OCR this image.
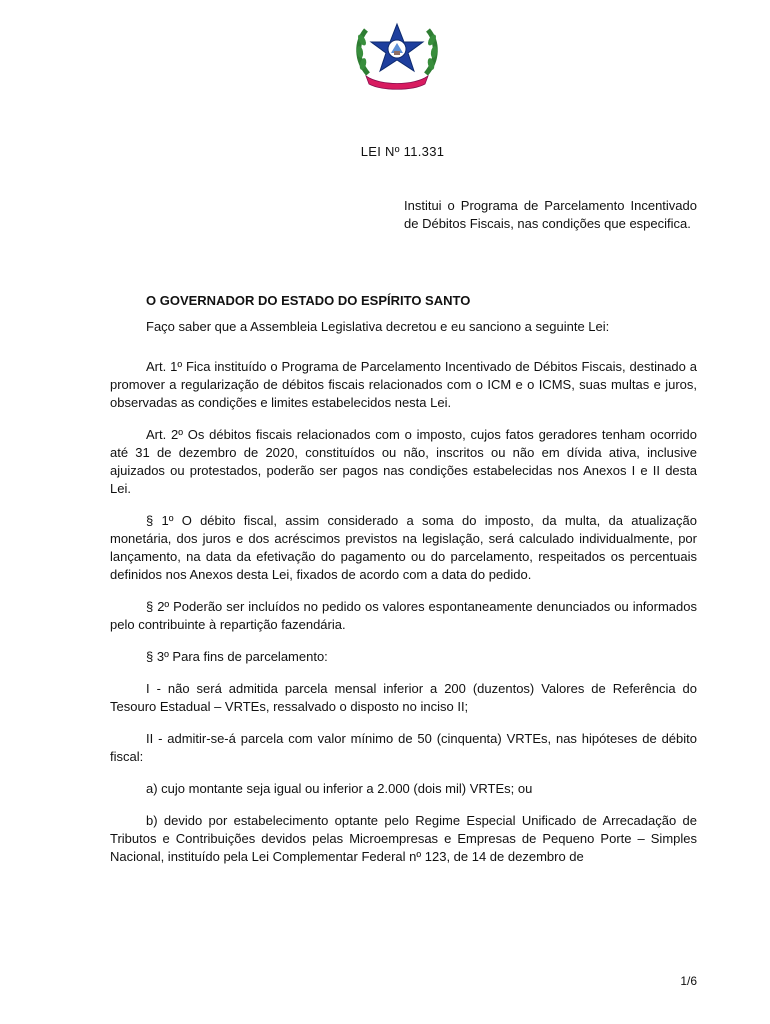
LEI Nº 11.331
Institui o Programa de Parcelamento Incentivado de Débitos Fiscais, nas condições que especifica.

O GOVERNADOR DO ESTADO DO ESPÍRITO SANTO

Faço saber que a Assembleia Legislativa decretou e eu sanciono a seguinte Lei:

Art. 1º Fica instituído o Programa de Parcelamento Incentivado de Débitos Fiscais, destinado a promover a regularização de débitos fiscais relacionados com o ICM e o ICMS, suas multas e juros, observadas as condições e limites estabelecidos nesta Lei.

Art. 2º Os débitos fiscais relacionados com o imposto, cujos fatos geradores tenham ocorrido até 31 de dezembro de 2020, constituídos ou não, inscritos ou não em dívida ativa, inclusive ajuizados ou protestados, poderão ser pagos nas condições estabelecidas nos Anexos I e II desta Lei.

§ 1º O débito fiscal, assim considerado a soma do imposto, da multa, da atualização monetária, dos juros e dos acréscimos previstos na legislação, será calculado individualmente, por lançamento, na data da efetivação do pagamento ou do parcelamento, respeitados os percentuais definidos nos Anexos desta Lei, fixados de acordo com a data do pedido.

§ 2º Poderão ser incluídos no pedido os valores espontaneamente denunciados ou informados pelo contribuinte à repartição fazendária.

§ 3º Para fins de parcelamento:

I - não será admitida parcela mensal inferior a 200 (duzentos) Valores de Referência do Tesouro Estadual – VRTEs, ressalvado o disposto no inciso II;

II - admitir-se-á parcela com valor mínimo de 50 (cinquenta) VRTEs, nas hipóteses de débito fiscal:

a) cujo montante seja igual ou inferior a 2.000 (dois mil) VRTEs; ou

b) devido por estabelecimento optante pelo Regime Especial Unificado de Arrecadação de Tributos e Contribuições devidos pelas Microempresas e Empresas de Pequeno Porte – Simples Nacional, instituído pela Lei Complementar Federal nº 123, de 14 de dezembro de

1/6
